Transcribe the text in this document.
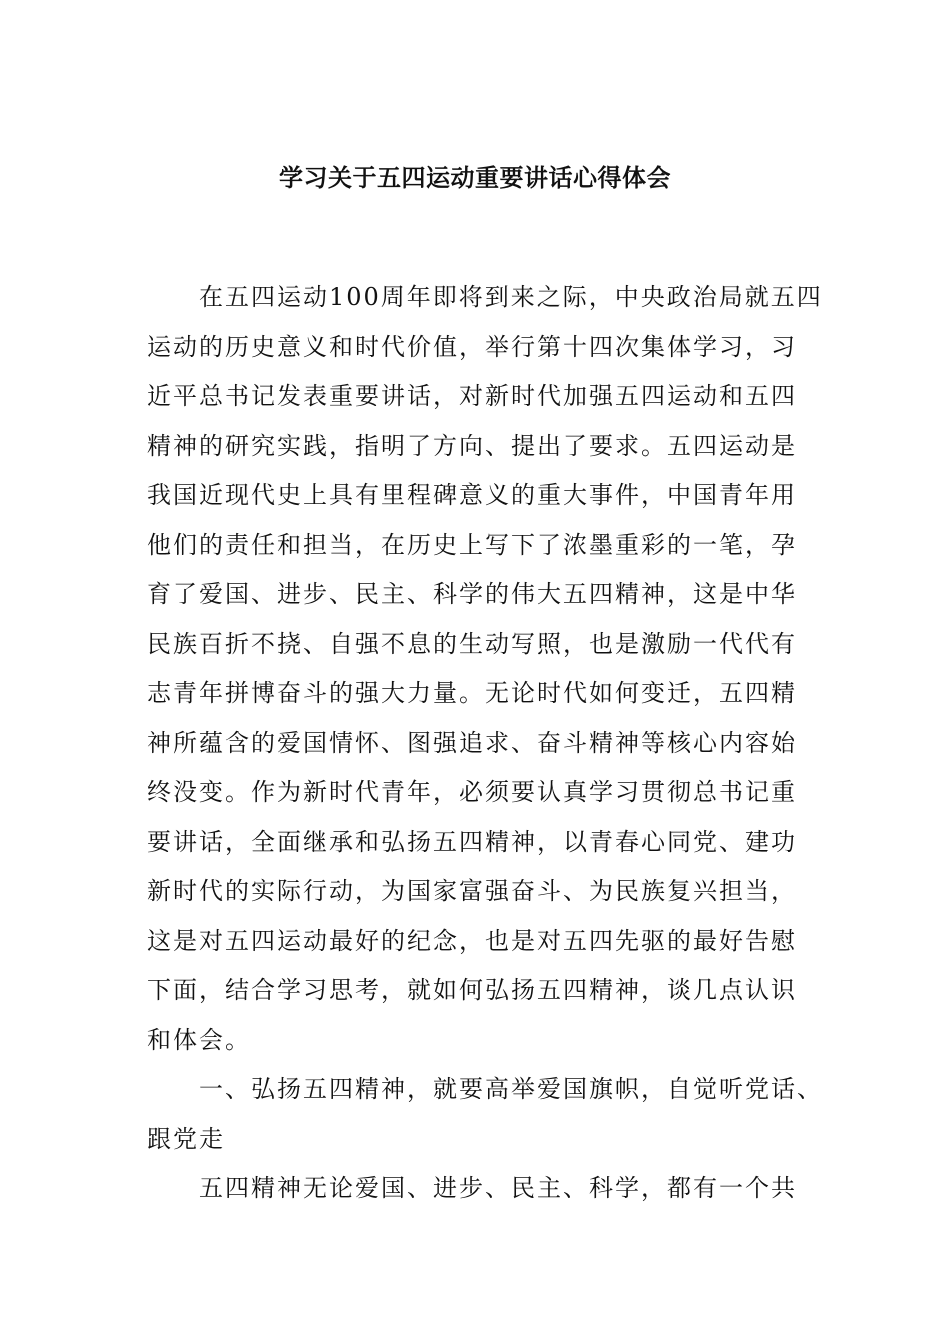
学习关于五四运动重要讲话心得体会

在五四运动100周年即将到来之际，中央政治局就五四
运动的历史意义和时代价值，举行第十四次集体学习，习
近平总书记发表重要讲话，对新时代加强五四运动和五四
精神的研究实践，指明了方向、提出了要求。五四运动是
我国近现代史上具有里程碑意义的重大事件，中国青年用
他们的责任和担当，在历史上写下了浓墨重彩的一笔，孕
育了爱国、进步、民主、科学的伟大五四精神，这是中华
民族百折不挠、自强不息的生动写照，也是激励一代代有
志青年拼博奋斗的强大力量。无论时代如何变迁，五四精
神所蕴含的爱国情怀、图强追求、奋斗精神等核心内容始
终没变。作为新时代青年，必须要认真学习贯彻总书记重
要讲话，全面继承和弘扬五四精神，以青春心同党、建功
新时代的实际行动，为国家富强奋斗、为民族复兴担当，
这是对五四运动最好的纪念，也是对五四先驱的最好告慰
下面，结合学习思考，就如何弘扬五四精神，谈几点认识
和体会。

一、弘扬五四精神，就要高举爱国旗帜，自觉听党话、
跟党走

五四精神无论爱国、进步、民主、科学，都有一个共
